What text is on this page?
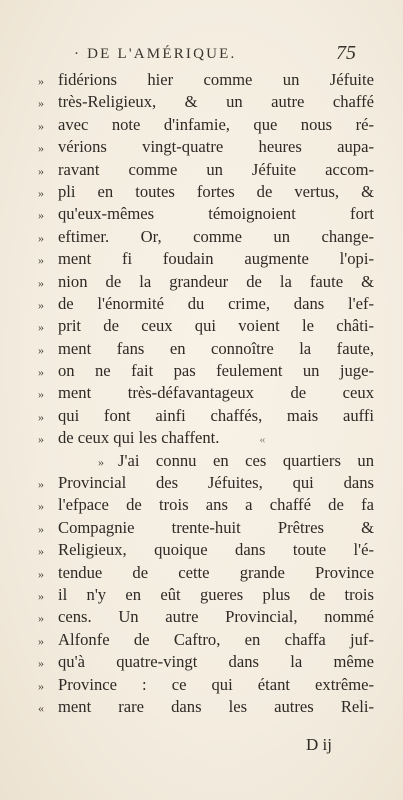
· DE L'AMÉRIQUE.	75
» fidérions hier comme un Jéfuite
» très-Religieux, & un autre chaffé
» avec note d'infamie, que nous ré-
» vérions vingt-quatre heures aupa-
» ravant comme un Jéfuite accom-
» pli en toutes fortes de vertus, &
» qu'eux-mêmes témoignoient fort
» eftimer. Or, comme un change-
» ment fi foudain augmente l'opi-
» nion de la grandeur de la faute &
» de l'énormité du crime, dans l'ef-
» prit de ceux qui voient le châti-
» ment fans en connoître la faute,
» on ne fait pas feulement un juge-
» ment très-défavantageux de ceux
» qui font ainfi chaffés, mais auffi
» de ceux qui les chaffent.	«
» J'ai connu en ces quartiers un
» Provincial des Jéfuites, qui dans
» l'efpace de trois ans a chaffé de fa
» Compagnie trente-huit Prêtres &
» Religieux, quoique dans toute l'é-
» tendue de cette grande Province
» il n'y en eût gueres plus de trois
» cens. Un autre Provincial, nommé
» Alfonfe de Caftro, en chaffa juf-
» qu'à quatre-vingt dans la même
» Province : ce qui étant extrême-
« ment rare dans les autres Reli-
D ij
